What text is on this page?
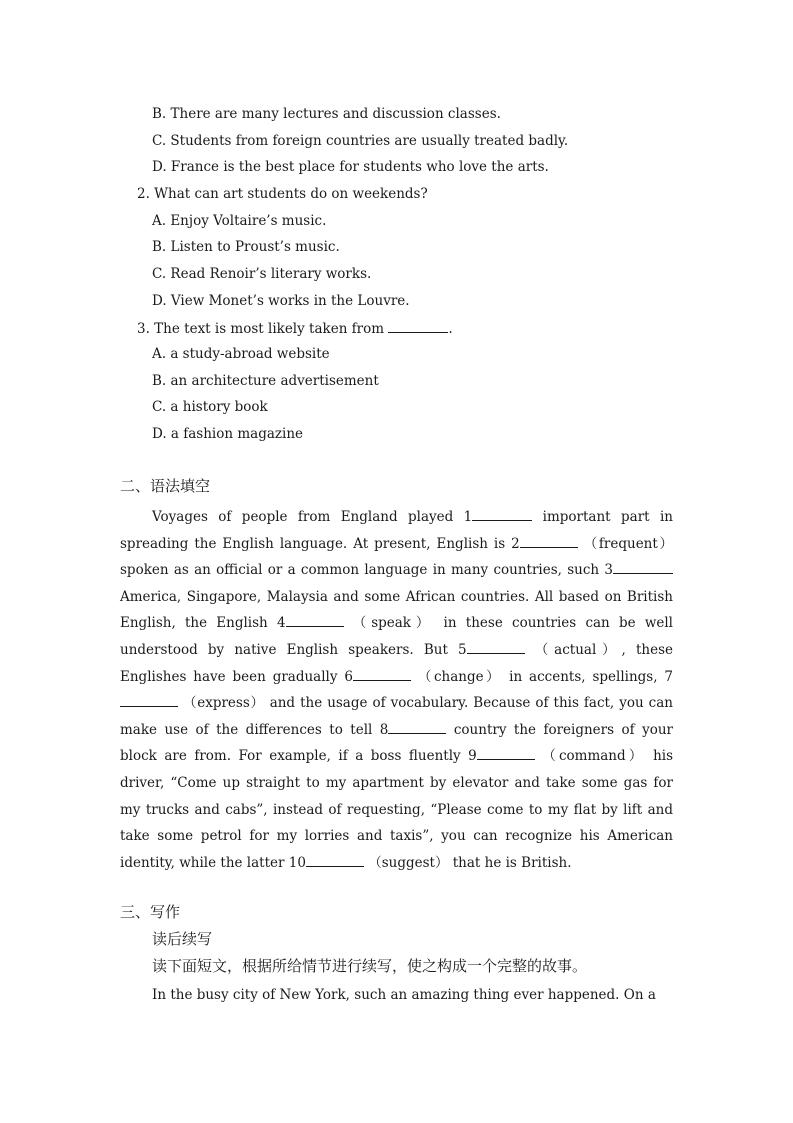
B. There are many lectures and discussion classes.
C. Students from foreign countries are usually treated badly.
D. France is the best place for students who love the arts.
2. What can art students do on weekends?
A. Enjoy Voltaire’s music.
B. Listen to Proust’s music.
C. Read Renoir’s literary works.
D. View Monet’s works in the Louvre.
3. The text is most likely taken from	.
A. a study-abroad website
B. an architecture advertisement
C. a history book
D. a fashion magazine
二、语法填空

Voyages of people from England played 1	important part in spreading the English language. At present, English is 2	（frequent） spoken as an official or a common language in many countries, such 3 America, Singapore, Malaysia and some African countries. All based on British English, the English 4	（speak） in these countries can be well understood by native English speakers. But 5	（actual）, these Englishes have been gradually 6	（change） in accents, spellings, 7 （express） and the usage of vocabulary. Because of this fact, you can make use of the differences to tell 8	country the foreigners of your block are from. For example, if a boss fluently 9	（command） his driver, “Come up straight to my apartment by elevator and take some gas for my trucks and cabs”, instead of requesting, “Please come to my flat by lift and take some petrol for my lorries and taxis”, you can recognize his American identity, while the latter 10	（suggest） that he is British.

三、写作
读后续写
读下面短文，根据所给情节进行续写，使之构成一个完整的故事。

In the busy city of New York, such an amazing thing ever happened. On a
